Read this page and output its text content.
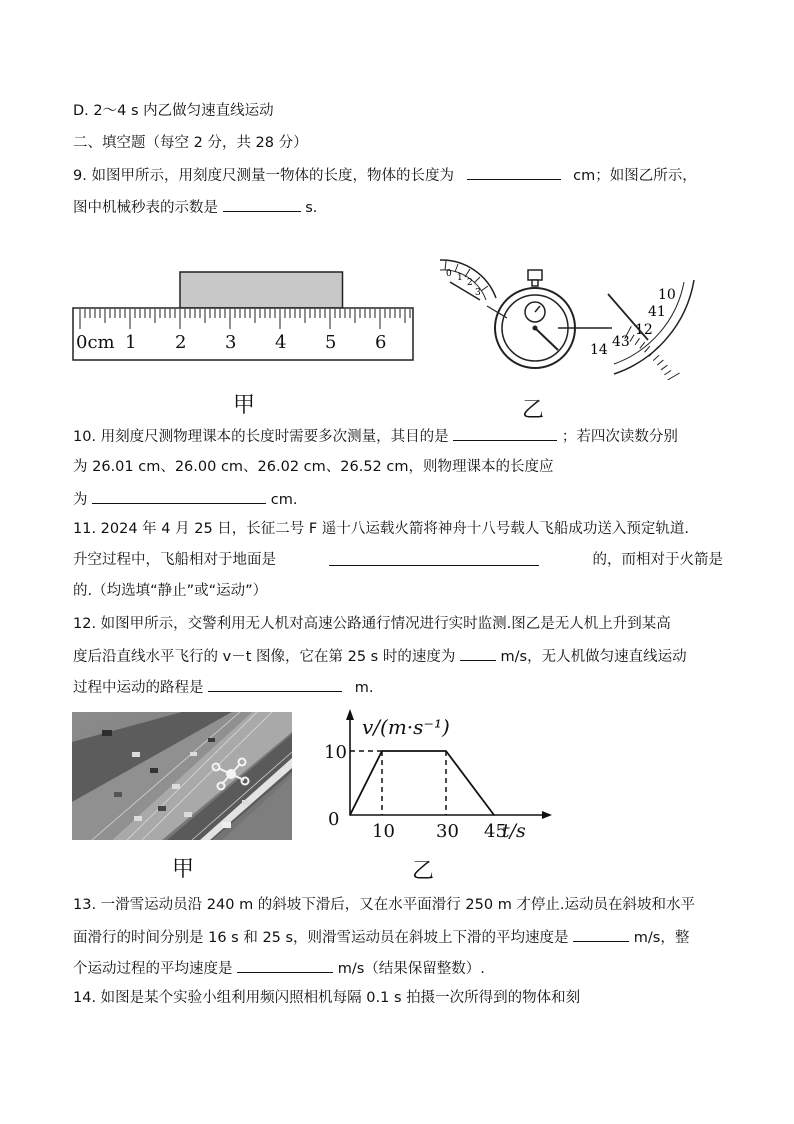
D. 2～4 s 内乙做匀速直线运动
二、填空题（每空 2 分，共 28 分）
9. 如图甲所示，用刻度尺测量一物体的长度，物体的长度为	cm；如图乙所示，
图中机械秒表的示数是	s.
0cm 1 2 3 4 5 6
甲
0 1 2
3	10
41
12
43
14
乙
10. 用刻度尺测物理课本的长度时需要多次测量，其目的是	；若四次读数分别
为 26.01 cm、26.00 cm、26.02 cm、26.52 cm，则物理课本的长度应
为	cm.
11. 2024 年 4 月 25 日，长征二号 F 遥十八运载火箭将神舟十八号载人飞船成功送入预定轨道.
升空过程中，飞船相对于地面是	的，而相对于火箭是
的.（均选填“静止”或“运动”）
12. 如图甲所示，交警利用无人机对高速公路通行情况进行实时监测.图乙是无人机上升到某高
度后沿直线水平飞行的 v－t 图像，它在第 25 s 时的速度为	m/s，无人机做匀速直线运动
过程中运动的路程是	m.
甲
v/(m·s⁻¹)
t/s
0
10 30 45
10
乙
13. 一滑雪运动员沿 240 m 的斜坡下滑后，又在水平面滑行 250 m 才停止.运动员在斜坡和水平
面滑行的时间分别是 16 s 和 25 s，则滑雪运动员在斜坡上下滑的平均速度是	m/s，整
个运动过程的平均速度是	m/s（结果保留整数）.
14. 如图是某个实验小组利用频闪照相机每隔 0.1 s 拍摄一次所得到的物体和刻
